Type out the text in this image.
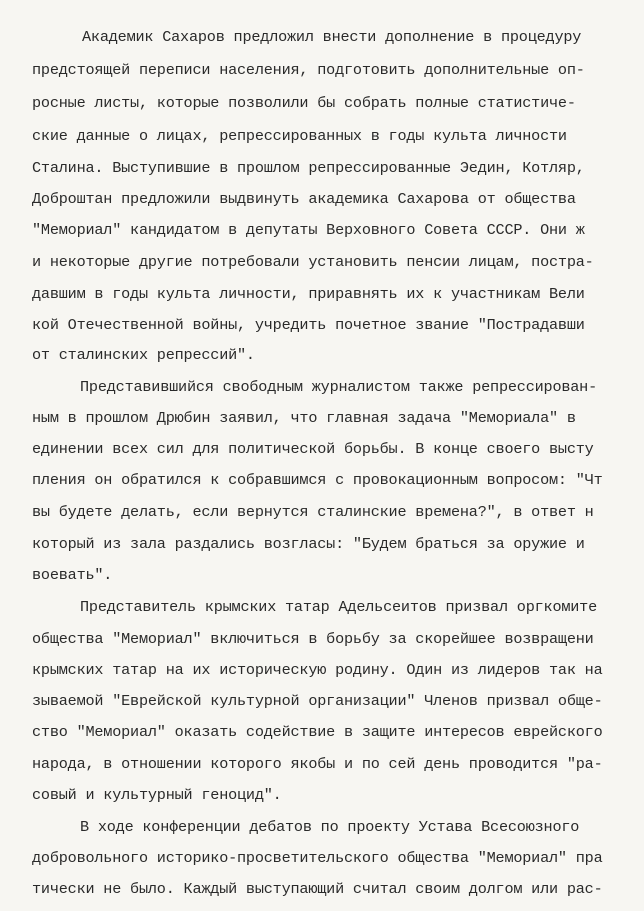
Академик Сахаров предложил внести дополнение в процедуру
предстоящей переписи населения, подготовить дополнительные оп-
росные листы, которые позволили бы собрать полные статистиче-
ские данные о лицах, репрессированных в годы культа личности
Сталина. Выступившие в прошлом репрессированные Эедин, Котляр,
Доброштан предложили выдвинуть академика Сахарова от общества
"Мемориал" кандидатом в депутаты Верховного Совета СССР. Они ж
и некоторые другие потребовали установить пенсии лицам, постра-
давшим в годы культа личности, приравнять их к участникам Вели
кой Отечественной войны, учредить почетное звание "Пострадавши
от сталинских репрессий".
Представившийся свободным журналистом также репрессирован-
ным в прошлом Дрюбин заявил, что главная задача "Мемориала" в
единении всех сил для политической борьбы. В конце своего высту
пления он обратился к собравшимся с провокационным вопросом: "Чт
вы будете делать, если вернутся сталинские времена?", в ответ н
который из зала раздались возгласы: "Будем браться за оружие и
воевать".
Представитель крымских татар Адельсеитов призвал оргкомите
общества "Мемориал" включиться в борьбу за скорейшее возвращени
крымских татар на их историческую родину. Один из лидеров так на
зываемой "Еврейской культурной организации" Членов призвал обще-
ство "Мемориал" оказать содействие в защите интересов еврейского
народа, в отношении которого якобы и по сей день проводится "ра-
совый и культурный геноцид".
В ходе конференции дебатов по проекту Устава Всесоюзного
добровольного историко-просветительского общества "Мемориал" пра
тически не было. Каждый выступающий считал своим долгом или рас-
